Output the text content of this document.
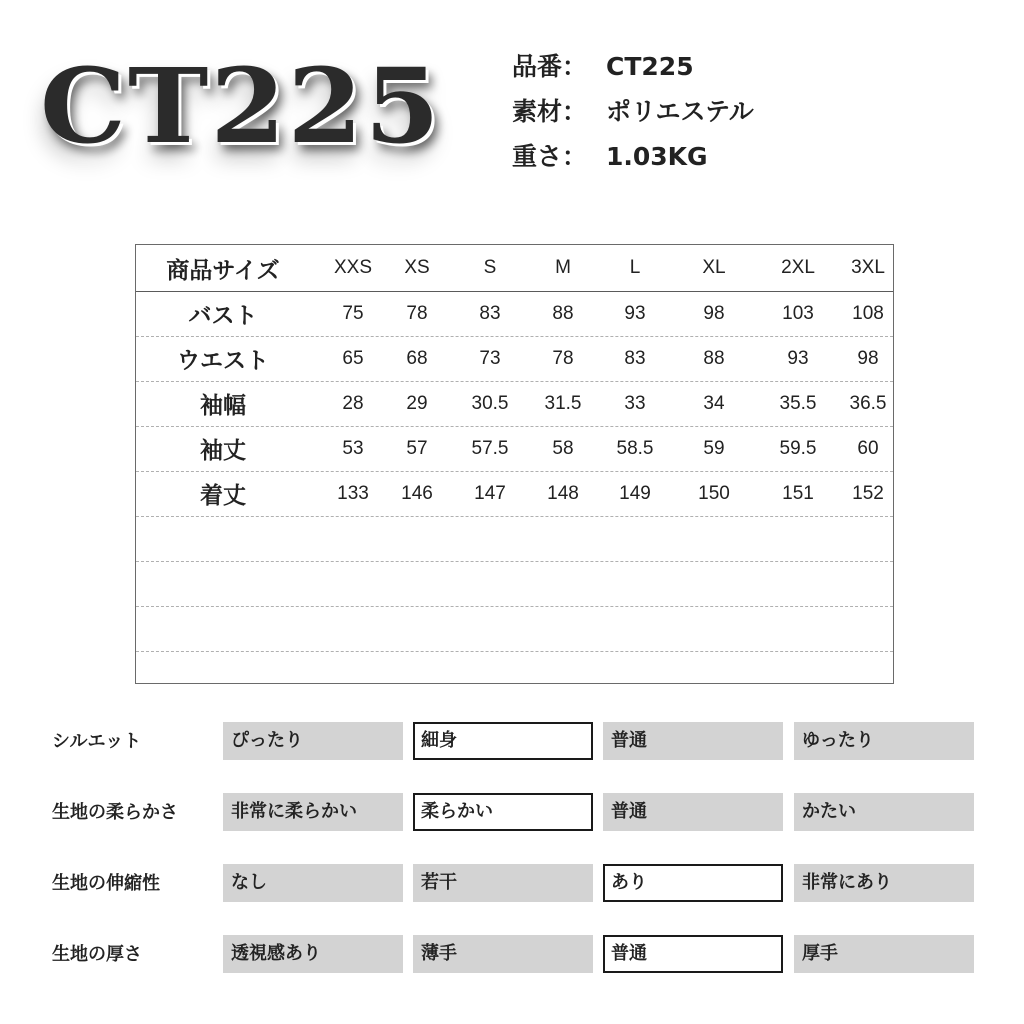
CT225	品番： CT225
素材： ポリエステル
重さ： 1.03KG
商品サイズ	XXS	XS	S	M	L	XL	2XL	3XL
バスト	75	78	83	88	93	98	103	108
ウエスト	65	68	73	78	83	88	93	98
袖幅	28	29	30.5	31.5	33	34	35.5	36.5
袖丈	53	57	57.5	58	58.5	59	59.5	60
着丈	133	146	147	148	149	150	151	152
シルエット	ぴったり	細身	普通	ゆったり
生地の柔らかさ	非常に柔らかい	柔らかい	普通	かたい
生地の伸縮性	なし	若干	あり	非常にあり
生地の厚さ	透視感あり	薄手	普通	厚手
